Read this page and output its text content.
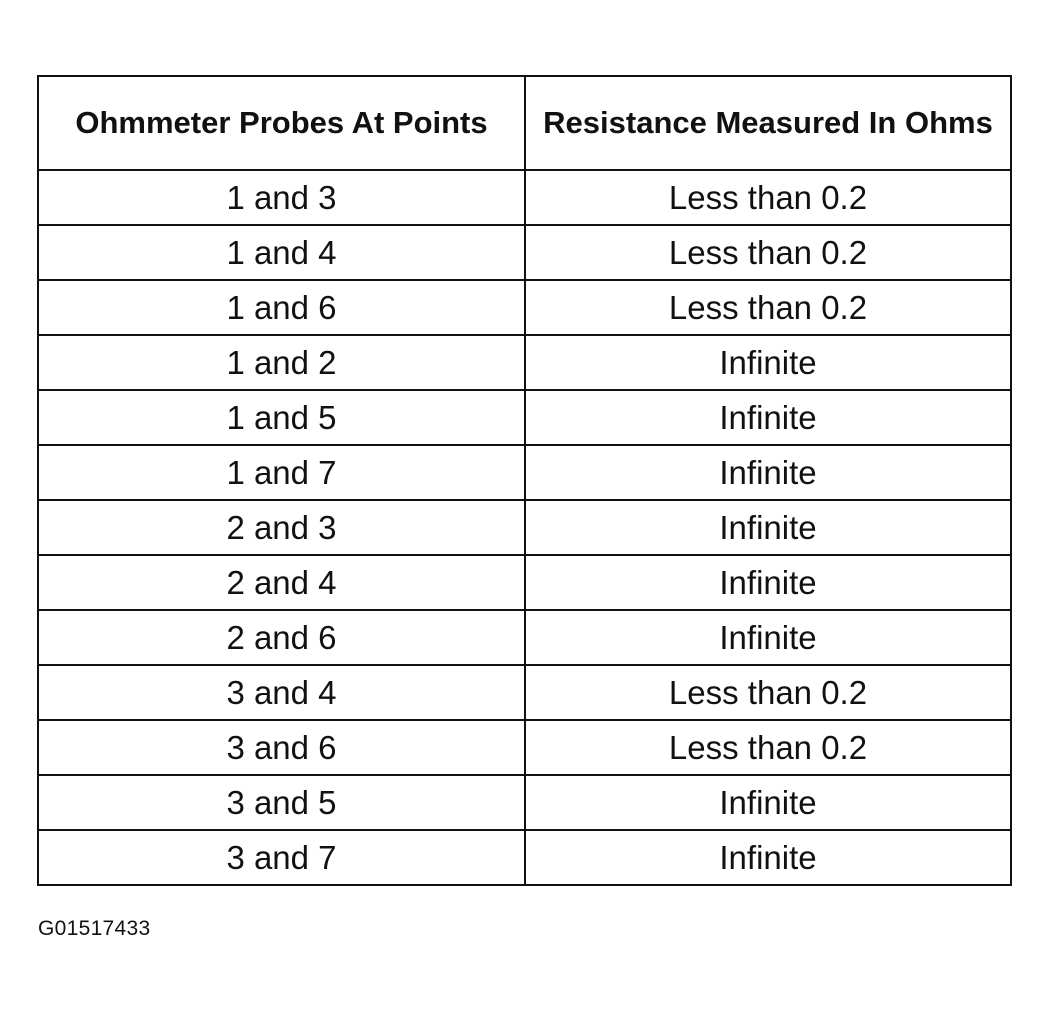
Ohmmeter Probes At Points	Resistance Measured In Ohms
1 and 3	Less than 0.2
1 and 4	Less than 0.2
1 and 6	Less than 0.2
1 and 2	Infinite
1 and 5	Infinite
1 and 7	Infinite
2 and 3	Infinite
2 and 4	Infinite
2 and 6	Infinite
3 and 4	Less than 0.2
3 and 6	Less than 0.2
3 and 5	Infinite
3 and 7	Infinite
G01517433
